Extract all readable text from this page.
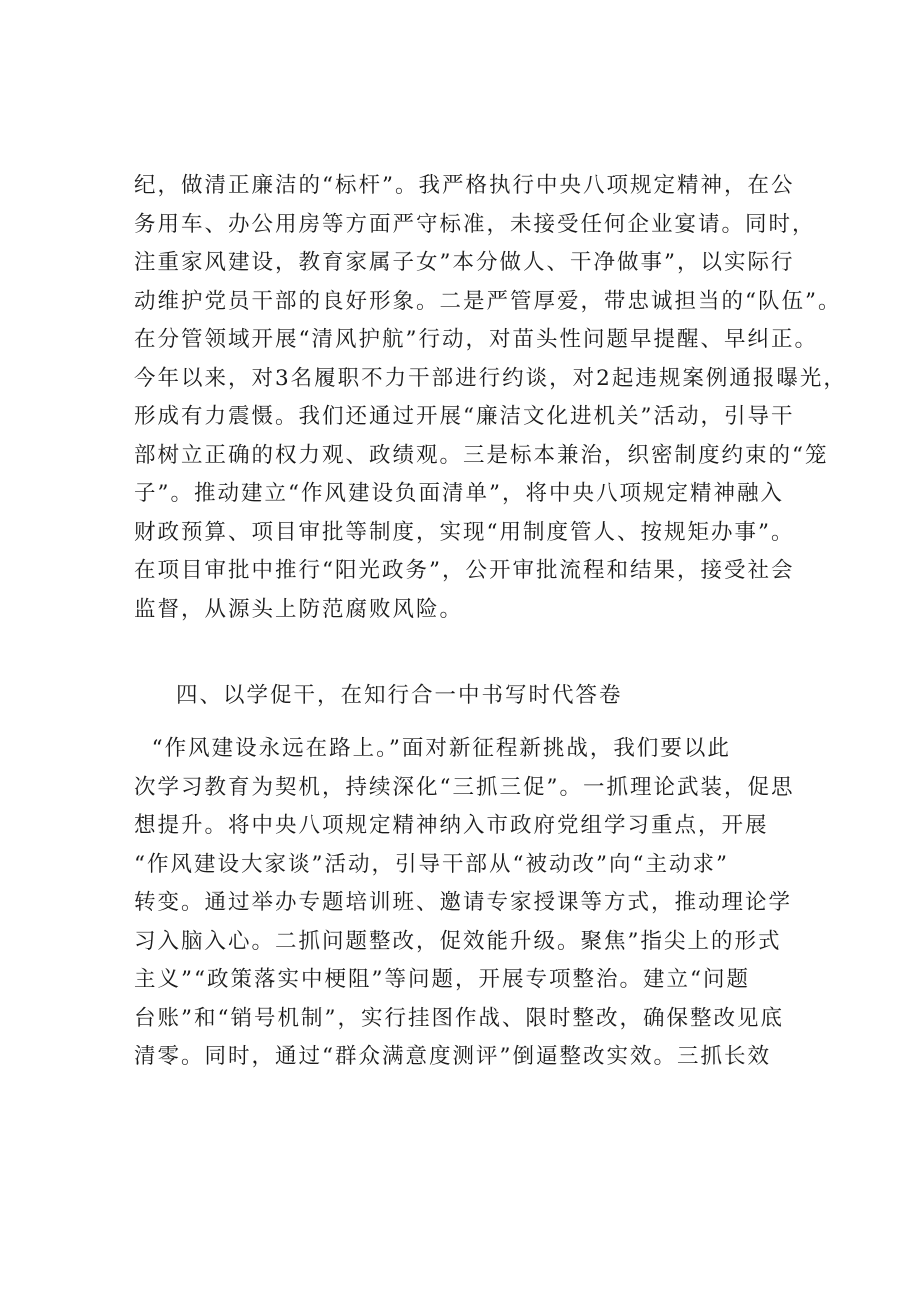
纪，做清正廉洁的“标杆”。我严格执行中央八项规定精神，在公
务用车、办公用房等方面严守标准，未接受任何企业宴请。同时，
注重家风建设，教育家属子女”本分做人、干净做事”，以实际行
动维护党员干部的良好形象。二是严管厚爱，带忠诚担当的“队伍”。
在分管领域开展“清风护航”行动，对苗头性问题早提醒、早纠正。
今年以来，对3名履职不力干部进行约谈，对2起违规案例通报曝光，
形成有力震慑。我们还通过开展“廉洁文化进机关”活动，引导干
部树立正确的权力观、政绩观。三是标本兼治，织密制度约束的“笼
子”。推动建立“作风建设负面清单”，将中央八项规定精神融入
财政预算、项目审批等制度，实现“用制度管人、按规矩办事”。
在项目审批中推行“阳光政务”，公开审批流程和结果，接受社会
监督，从源头上防范腐败风险。
四、以学促干，在知行合一中书写时代答卷
“作风建设永远在路上。”面对新征程新挑战，我们要以此
次学习教育为契机，持续深化“三抓三促”。一抓理论武装，促思
想提升。将中央八项规定精神纳入市政府党组学习重点，开展
“作风建设大家谈”活动，引导干部从“被动改”向“主动求”
转变。通过举办专题培训班、邀请专家授课等方式，推动理论学
习入脑入心。二抓问题整改，促效能升级。聚焦”指尖上的形式
主义”“政策落实中梗阻”等问题，开展专项整治。建立“问题
台账”和“销号机制”，实行挂图作战、限时整改，确保整改见底
清零。同时，通过“群众满意度测评”倒逼整改实效。三抓长效
